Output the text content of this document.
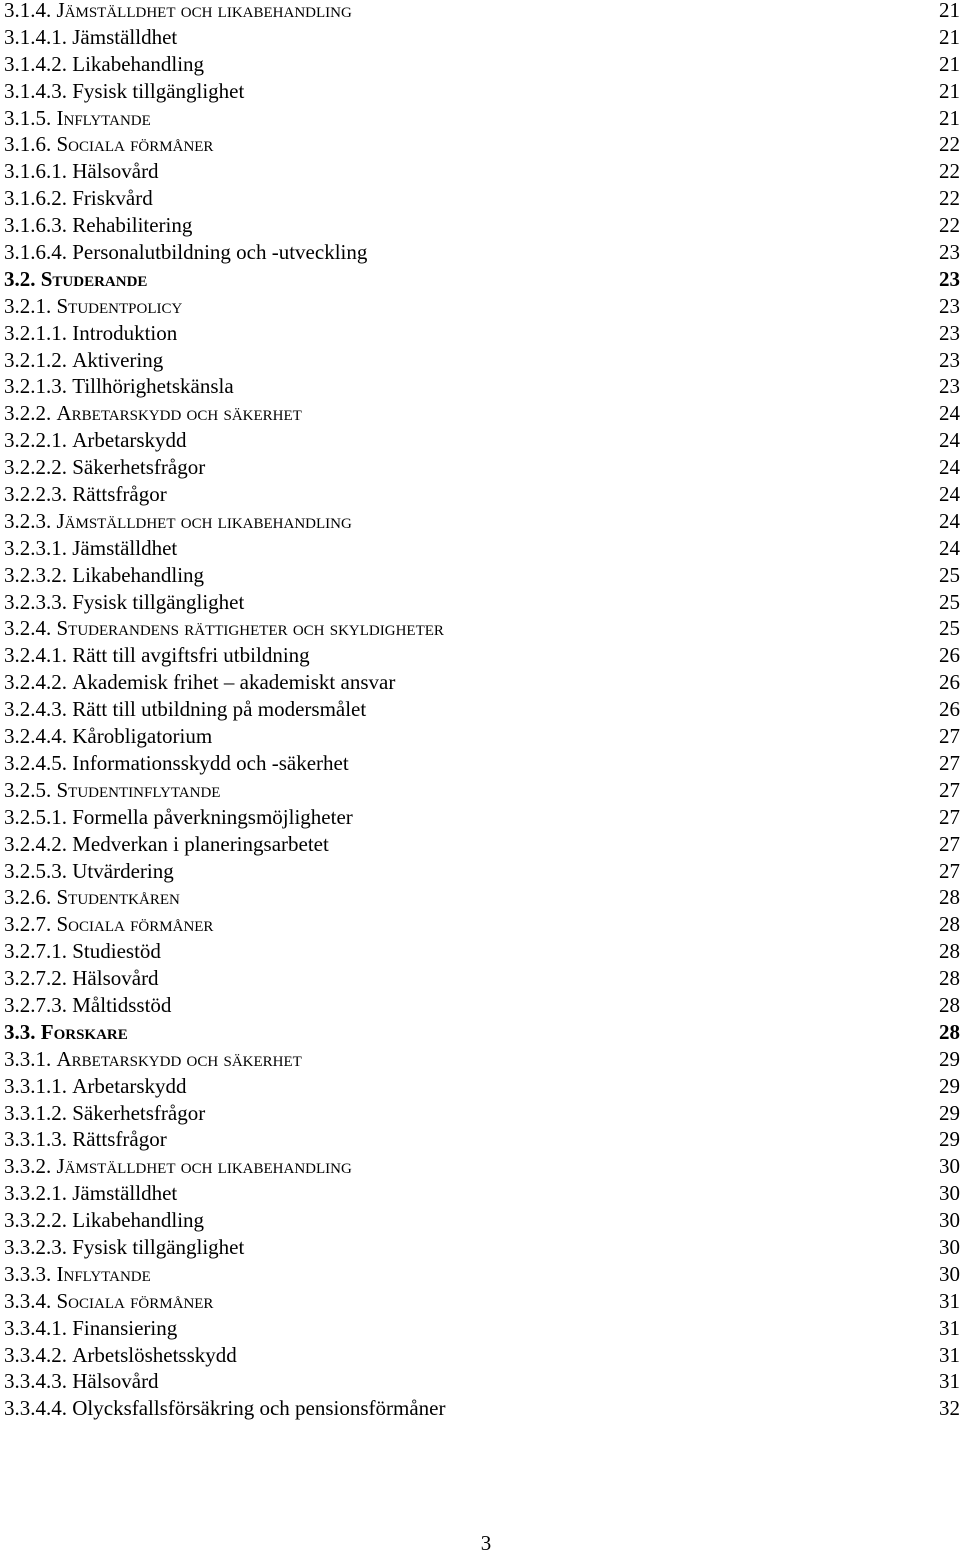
3.1.4. Jämställdhet och likabehandling	21
3.1.4.1. Jämställdhet	21
3.1.4.2. Likabehandling	21
3.1.4.3. Fysisk tillgänglighet	21
3.1.5. Inflytande	21
3.1.6. Sociala förmåner	22
3.1.6.1. Hälsovård	22
3.1.6.2. Friskvård	22
3.1.6.3. Rehabilitering	22
3.1.6.4. Personalutbildning och -utveckling	23
3.2. Studerande	23
3.2.1. Studentpolicy	23
3.2.1.1. Introduktion	23
3.2.1.2. Aktivering	23
3.2.1.3. Tillhörighetskänsla	23
3.2.2. Arbetarskydd och säkerhet	24
3.2.2.1. Arbetarskydd	24
3.2.2.2. Säkerhetsfrågor	24
3.2.2.3. Rättsfrågor	24
3.2.3. Jämställdhet och likabehandling	24
3.2.3.1. Jämställdhet	24
3.2.3.2. Likabehandling	25
3.2.3.3. Fysisk tillgänglighet	25
3.2.4. Studerandens rättigheter och skyldigheter	25
3.2.4.1. Rätt till avgiftsfri utbildning	26
3.2.4.2. Akademisk frihet – akademiskt ansvar	26
3.2.4.3. Rätt till utbildning på modersmålet	26
3.2.4.4. Kårobligatorium	27
3.2.4.5. Informationsskydd och -säkerhet	27
3.2.5. Studentinflytande	27
3.2.5.1. Formella påverkningsmöjligheter	27
3.2.4.2. Medverkan i planeringsarbetet	27
3.2.5.3. Utvärdering	27
3.2.6. Studentkåren	28
3.2.7. Sociala förmåner	28
3.2.7.1. Studiestöd	28
3.2.7.2. Hälsovård	28
3.2.7.3. Måltidsstöd	28
3.3. Forskare	28
3.3.1. Arbetarskydd och säkerhet	29
3.3.1.1. Arbetarskydd	29
3.3.1.2. Säkerhetsfrågor	29
3.3.1.3. Rättsfrågor	29
3.3.2. Jämställdhet och likabehandling	30
3.3.2.1. Jämställdhet	30
3.3.2.2. Likabehandling	30
3.3.2.3. Fysisk tillgänglighet	30
3.3.3. Inflytande	30
3.3.4. Sociala förmåner	31
3.3.4.1. Finansiering	31
3.3.4.2. Arbetslöshetsskydd	31
3.3.4.3. Hälsovård	31
3.3.4.4. Olycksfallsförsäkring och pensionsförmåner	32
3
